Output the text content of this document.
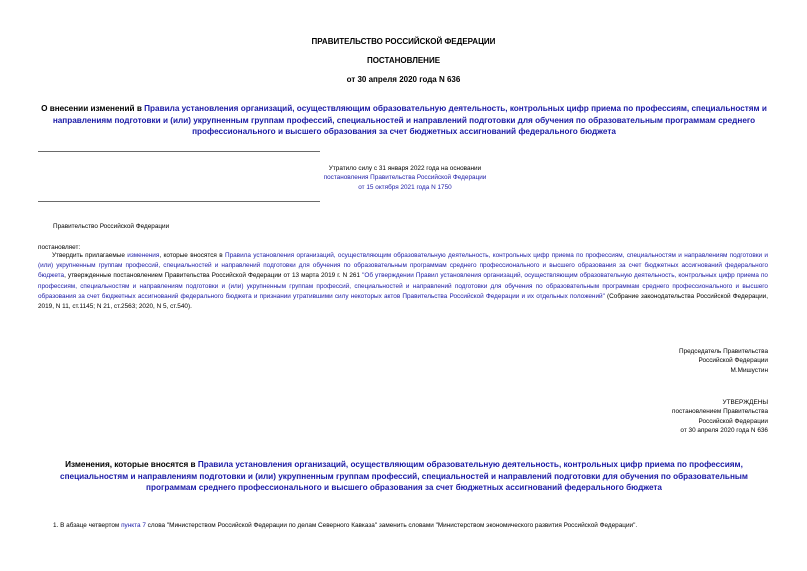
ПРАВИТЕЛЬСТВО РОССИЙСКОЙ ФЕДЕРАЦИИ
ПОСТАНОВЛЕНИЕ
от 30 апреля 2020 года N 636
О внесении изменений в Правила установления организаций, осуществляющим образовательную деятельность, контрольных цифр приема по профессиям, специальностям и направлениям подготовки и (или) укрупненным группам профессий, специальностей и направлений подготовки для обучения по образовательным программам среднего профессионального и высшего образования за счет бюджетных ассигнований федерального бюджета
Утратило силу с 31 января 2022 года на основании
постановления Правительства Российской Федерации
от 15 октября 2021 года N 1750
Правительство Российской Федерации
постановляет:
Утвердить прилагаемые изменения, которые вносятся в Правила установления организаций, осуществляющим образовательную деятельность, контрольных цифр приема по профессиям, специальностям и направлениям подготовки и (или) укрупненным группам профессий, специальностей и направлений подготовки для обучения по образовательным программам среднего профессионального и высшего образования за счет бюджетных ассигнований федерального бюджета, утвержденные постановлением Правительства Российской Федерации от 13 марта 2019 г. N 261 "Об утверждении Правил установления организаций, осуществляющим образовательную деятельность, контрольных цифр приема по профессиям, специальностям и направлениям подготовки и (или) укрупненным группам профессий, специальностей и направлений подготовки для обучения по образовательным программам среднего профессионального и высшего образования за счет бюджетных ассигнований федерального бюджета и признании утратившими силу некоторых актов Правительства Российской Федерации и их отдельных положений" (Собрание законодательства Российской Федерации, 2019, N 11, ст.1145; N 21, ст.2563; 2020, N 5, ст.540).
Председатель Правительства
Российской Федерации
М.Мишустин
УТВЕРЖДЕНЫ
постановлением Правительства
Российской Федерации
от 30 апреля 2020 года N 636
Изменения, которые вносятся в Правила установления организаций, осуществляющим образовательную деятельность, контрольных цифр приема по профессиям, специальностям и направлениям подготовки и (или) укрупненным группам профессий, специальностей и направлений подготовки для обучения по образовательным программам среднего профессионального и высшего образования за счет бюджетных ассигнований федерального бюджета
1. В абзаце четвертом пункта 7 слова "Министерством Российской Федерации по делам Северного Кавказа" заменить словами "Министерством экономического развития Российской Федерации".
